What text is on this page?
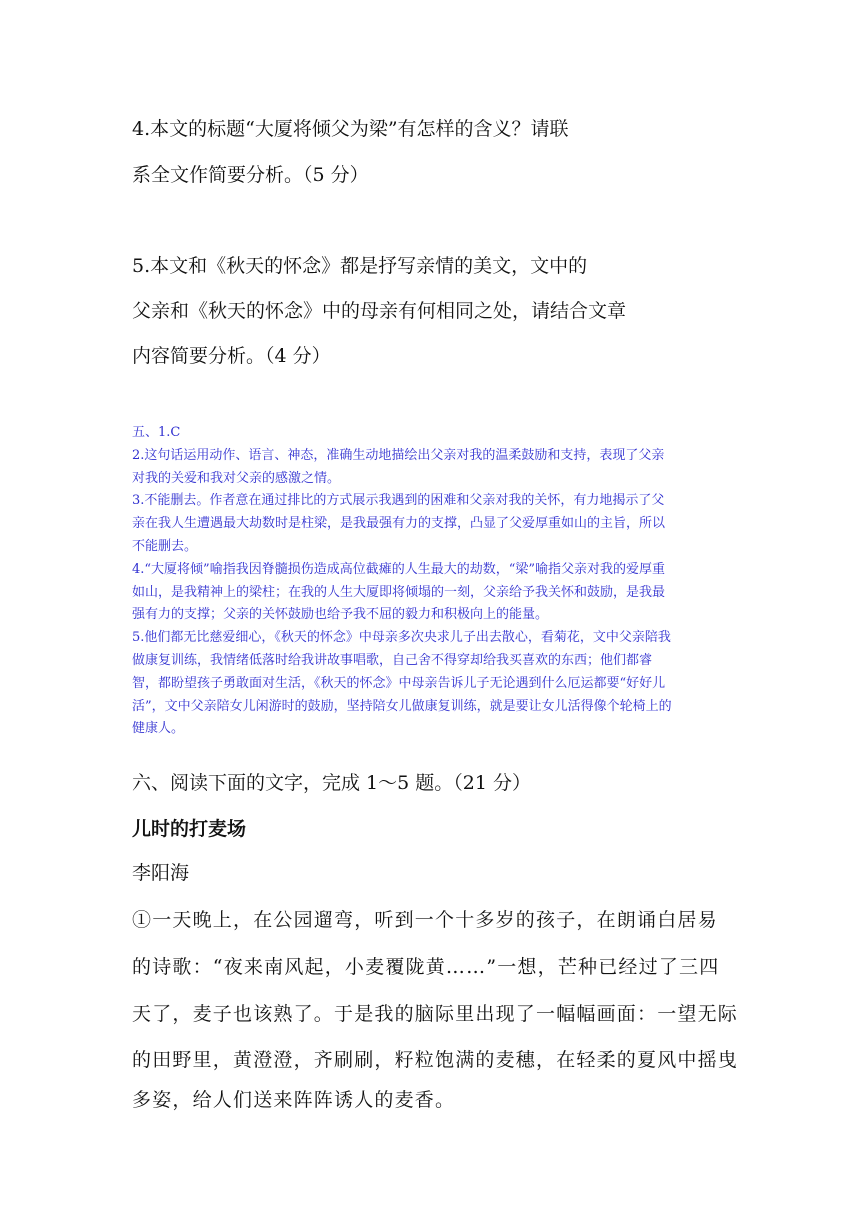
4.本文的标题“大厦将倾父为梁”有怎样的含义？请联

系全文作简要分析。（5 分）

5.本文和《秋天的怀念》都是抒写亲情的美文，文中的

父亲和《秋天的怀念》中的母亲有何相同之处，请结合文章

内容简要分析。（4 分）

五、1.C

2.这句话运用动作、语言、神态，准确生动地描绘出父亲对我的温柔鼓励和支持，表现了父亲对我的关爱和我对父亲的感激之情。

3.不能删去。作者意在通过排比的方式展示我遇到的困难和父亲对我的关怀，有力地揭示了父亲在我人生遭遇最大劫数时是柱梁，是我最强有力的支撑，凸显了父爱厚重如山的主旨，所以不能删去。

4.“大厦将倾”喻指我因脊髓损伤造成高位截瘫的人生最大的劫数，“梁”喻指父亲对我的爱厚重如山，是我精神上的梁柱；在我的人生大厦即将倾塌的一刻，父亲给予我关怀和鼓励，是我最强有力的支撑；父亲的关怀鼓励也给予我不屈的毅力和积极向上的能量。

5.他们都无比慈爱细心，《秋天的怀念》中母亲多次央求儿子出去散心，看菊花，文中父亲陪我做康复训练，我情绪低落时给我讲故事唱歌，自己舍不得穿却给我买喜欢的东西；他们都睿智，都盼望孩子勇敢面对生活，《秋天的怀念》中母亲告诉儿子无论遇到什么厄运都要“好好儿活”，文中父亲陪女儿闲游时的鼓励，坚持陪女儿做康复训练，就是要让女儿活得像个轮椅上的健康人。

六、阅读下面的文字，完成 1～5 题。（21 分）

儿时的打麦场

李阳海

①一天晚上，在公园遛弯，听到一个十多岁的孩子，在朗诵白居易

的诗歌：“夜来南风起，小麦覆陇黄……”一想，芒种已经过了三四

天了，麦子也该熟了。于是我的脑际里出现了一幅幅画面：一望无际

的田野里，黄澄澄，齐刷刷，籽粒饱满的麦穗，在轻柔的夏风中摇曳

多姿，给人们送来阵阵诱人的麦香。
